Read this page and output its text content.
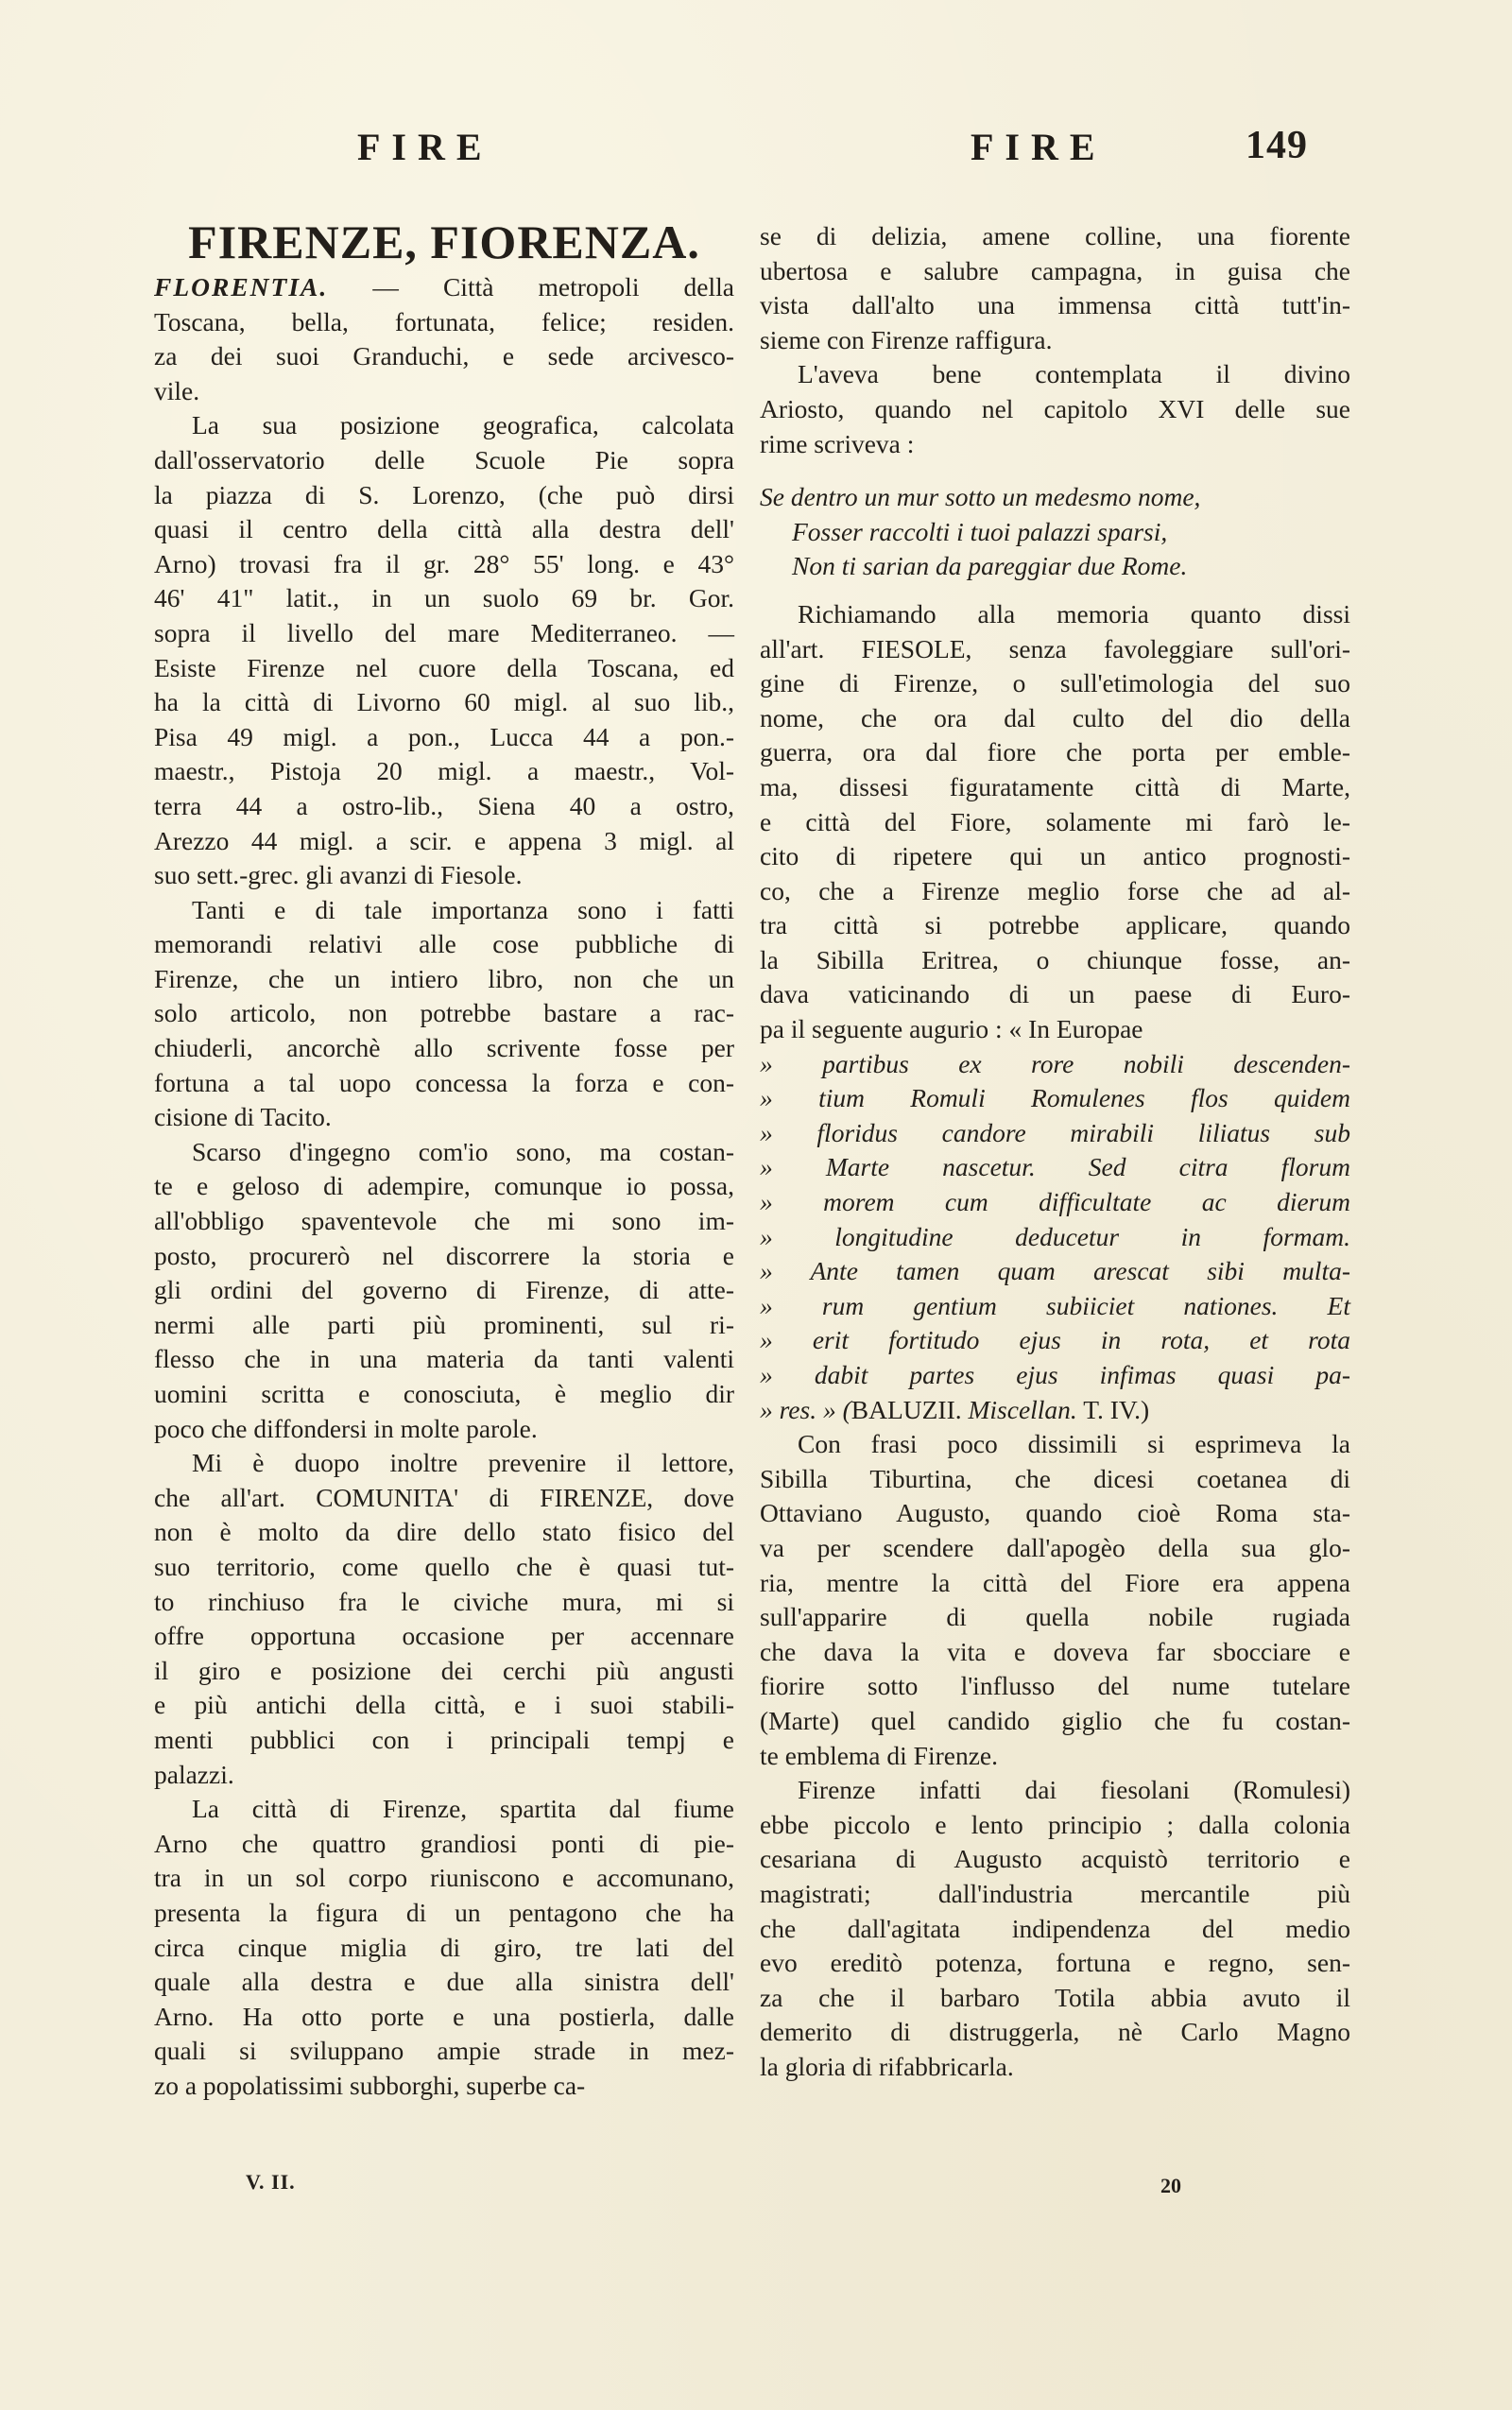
FIRE	FIRE	149
FIRENZE, FIORENZA.
FLORENTIA. — Città metropoli della
Toscana, bella, fortunata, felice; residen.
za dei suoi Granduchi, e sede arcivesco-
vile.
La sua posizione geografica, calcolata
dall'osservatorio delle Scuole Pie sopra
la piazza di S. Lorenzo, (che può dirsi
quasi il centro della città alla destra dell'
Arno) trovasi fra il gr. 28° 55' long. e 43°
46' 41" latit., in un suolo 69 br. Gor.
sopra il livello del mare Mediterraneo. —
Esiste Firenze nel cuore della Toscana, ed
ha la città di Livorno 60 migl. al suo lib.,
Pisa 49 migl. a pon., Lucca 44 a pon.-
maestr., Pistoja 20 migl. a maestr., Vol-
terra 44 a ostro-lib., Siena 40 a ostro,
Arezzo 44 migl. a scir. e appena 3 migl. al
suo sett.-grec. gli avanzi di Fiesole.
Tanti e di tale importanza sono i fatti
memorandi relativi alle cose pubbliche di
Firenze, che un intiero libro, non che un
solo articolo, non potrebbe bastare a rac-
chiuderli, ancorchè allo scrivente fosse per
fortuna a tal uopo concessa la forza e con-
cisione di Tacito.
Scarso d'ingegno com'io sono, ma costan-
te e geloso di adempire, comunque io possa,
all'obbligo spaventevole che mi sono im-
posto, procurerò nel discorrere la storia e
gli ordini del governo di Firenze, di atte-
nermi alle parti più prominenti, sul ri-
flesso che in una materia da tanti valenti
uomini scritta e conosciuta, è meglio dir
poco che diffondersi in molte parole.
Mi è duopo inoltre prevenire il lettore,
che all'art. COMUNITA' di FIRENZE, dove
non è molto da dire dello stato fisico del
suo territorio, come quello che è quasi tut-
to rinchiuso fra le civiche mura, mi si
offre opportuna occasione per accennare
il giro e posizione dei cerchi più angusti
e più antichi della città, e i suoi stabili-
menti pubblici con i principali tempj e
palazzi.
La città di Firenze, spartita dal fiume
Arno che quattro grandiosi ponti di pie-
tra in un sol corpo riuniscono e accomunano,
presenta la figura di un pentagono che ha
circa cinque miglia di giro, tre lati del
quale alla destra e due alla sinistra dell'
Arno. Ha otto porte e una postierla, dalle
quali si sviluppano ampie strade in mez-
zo a popolatissimi subborghi, superbe ca-
se di delizia, amene colline, una fiorente
ubertosa e salubre campagna, in guisa che
vista dall'alto una immensa città tutt'in-
sieme con Firenze raffigura.
L'aveva bene contemplata il divino
Ariosto, quando nel capitolo XVI delle sue
rime scriveva :
Se dentro un mur sotto un medesmo nome,
Fosser raccolti i tuoi palazzi sparsi,
Non ti sarian da pareggiar due Rome.
Richiamando alla memoria quanto dissi
all'art. FIESOLE, senza favoleggiare sull'ori-
gine di Firenze, o sull'etimologia del suo
nome, che ora dal culto del dio della
guerra, ora dal fiore che porta per emble-
ma, dissesi figuratamente città di Marte,
e città del Fiore, solamente mi farò le-
cito di ripetere qui un antico prognosti-
co, che a Firenze meglio forse che ad al-
tra città si potrebbe applicare, quando
la Sibilla Eritrea, o chiunque fosse, an-
dava vaticinando di un paese di Euro-
pa il seguente augurio : « In Europae
» partibus ex rore nobili descenden-
» tium Romuli Romulenes flos quidem
» floridus candore mirabili liliatus sub
» Marte nascetur. Sed citra florum
» morem cum difficultate ac dierum
» longitudine deducetur in formam.
» Ante tamen quam arescat sibi multa-
» rum gentium subiiciet nationes. Et
» erit fortitudo ejus in rota, et rota
» dabit partes ejus infimas quasi pa-
» res. » (BALUZII. Miscellan. T. IV.)
Con frasi poco dissimili si esprimeva la
Sibilla Tiburtina, che dicesi coetanea di
Ottaviano Augusto, quando cioè Roma sta-
va per scendere dall'apogèo della sua glo-
ria, mentre la città del Fiore era appena
sull'apparire di quella nobile rugiada
che dava la vita e doveva far sbocciare e
fiorire sotto l'influsso del nume tutelare
(Marte) quel candido giglio che fu costan-
te emblema di Firenze.
Firenze infatti dai fiesolani (Romulesi)
ebbe piccolo e lento principio ; dalla colonia
cesariana di Augusto acquistò territorio e
magistrati; dall'industria mercantile più
che dall'agitata indipendenza del medio
evo ereditò potenza, fortuna e regno, sen-
za che il barbaro Totila abbia avuto il
demerito di distruggerla, nè Carlo Magno
la gloria di rifabbricarla.
V. II.	20
